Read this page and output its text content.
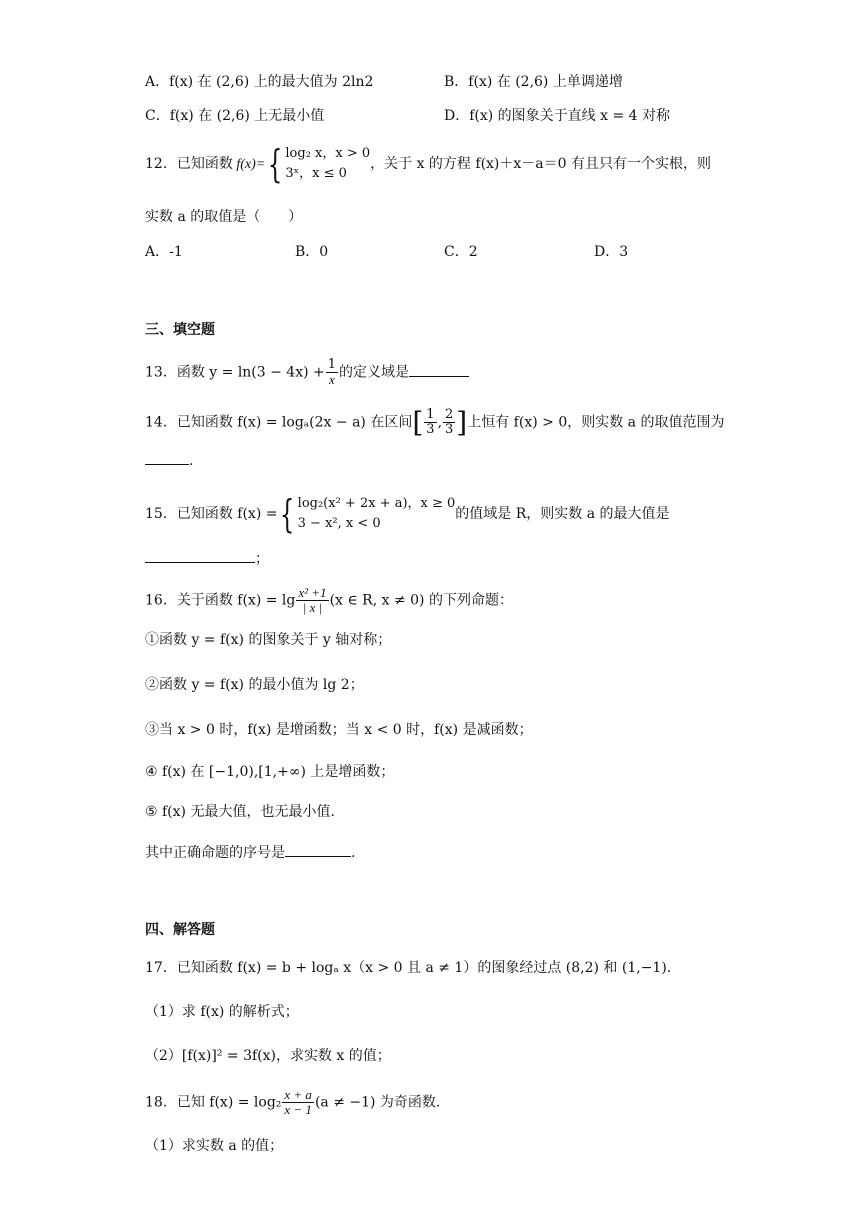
A．f(x) 在 (2,6) 上的最大值为 2ln2	B．f(x) 在 (2,6) 上单调递增
C．f(x) 在 (2,6) 上无最小值	D．f(x) 的图象关于直线 x = 4 对称
12．已知函数 f(x)={ log₂ x，x > 0
3ˣ，x ≤ 0
，关于 x 的方程 f(x)＋x－a＝0 有且只有一个实根，则
实数 a 的取值是（　　）
A．-1	B．0	C．2	D．3
三、填空题
13．函数 $y = \ln(3 - 4x) + \frac{1}{x}$ 的定义域是
14．已知函数 f(x) = logₐ(2x − a) 在区间[ $\frac{1}{3}$ , $\frac{2}{3}$ ]上恒有 f(x) > 0，则实数 a 的取值范围为
.
15．已知函数 f(x) ={ log₂(x² + 2x + a)，x ≥ 0
3 − x², x < 0
的值域是 R，则实数 a 的最大值是
；
16．关于函数 $f(x) = \lg \frac{\text{x² +1}}{| x |} (x$ ∈ R, x ≠ 0) 的下列命题：
①函数 y = f(x) 的图象关于 y 轴对称；
②函数 y = f(x) 的最小值为 lg 2；
③当 x > 0 时，f(x) 是增函数；当 x < 0 时，f(x) 是减函数；
④ f(x) 在 [−1,0),[1,+∞) 上是增函数；
⑤ f(x) 无最大值，也无最小值.
其中正确命题的序号是	.
四、解答题
17．已知函数 f(x) = b + logₐ x（x > 0 且 a ≠ 1）的图象经过点 (8,2) 和 (1,−1).
（1）求 f(x) 的解析式；
（2）[f(x)]² = 3f(x)，求实数 x 的值；
18．已知 $f(x) = \log_2 \frac{x + a}{x - 1} (a \ne -1)$ 为奇函数.
（1）求实数 a 的值；
